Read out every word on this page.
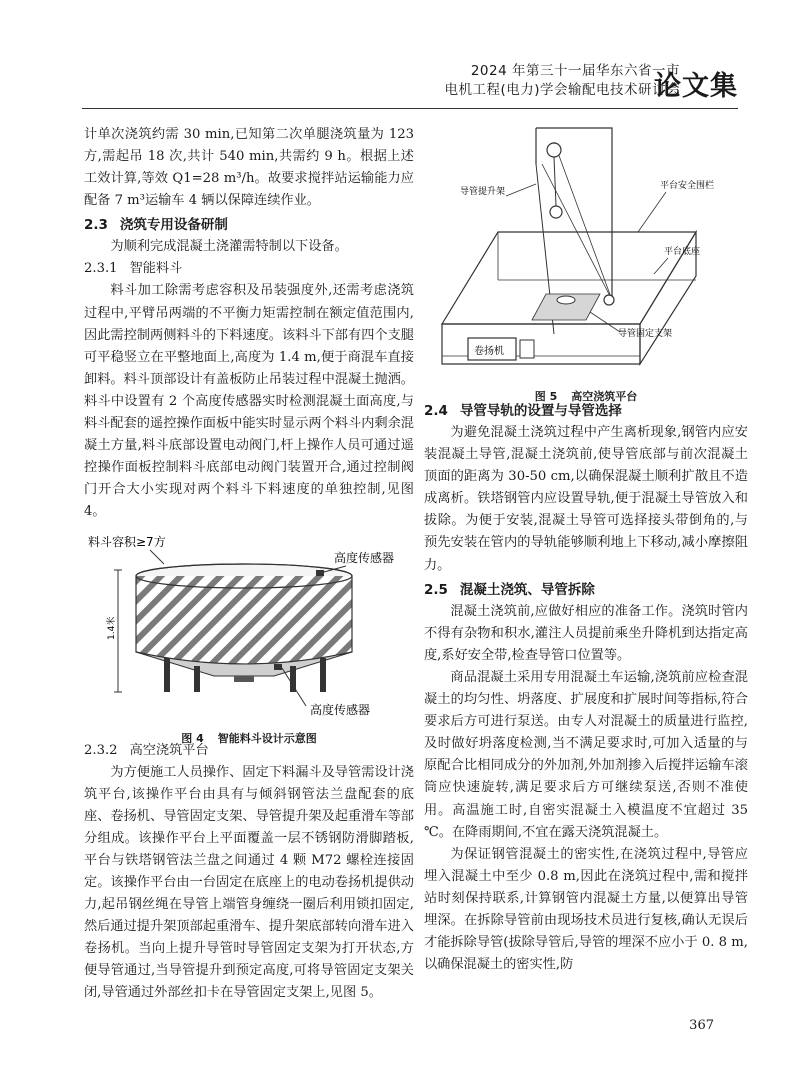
2024 年第三十一届华东六省一市
电机工程(电力)学会输配电技术研讨会
论文集

计单次浇筑约需 30 min,已知第二次单腿浇筑量为 123 方,需起吊 18 次,共计 540 min,共需约 9 h。根据上述工效计算,等效 Q1=28 m³/h。故要求搅拌站运输能力应配备 7 m³运输车 4 辆以保障连续作业。

2.3 浇筑专用设备研制

为顺利完成混凝土浇灌需特制以下设备。

2.3.1 智能料斗

料斗加工除需考虑容积及吊装强度外,还需考虑浇筑过程中,平臂吊两端的不平衡力矩需控制在额定值范围内,因此需控制两侧料斗的下料速度。该料斗下部有四个支腿可平稳竖立在平整地面上,高度为 1.4 m,便于商混车直接卸料。料斗顶部设计有盖板防止吊装过程中混凝土抛洒。料斗中设置有 2 个高度传感器实时检测混凝土面高度,与料斗配套的遥控操作面板中能实时显示两个料斗内剩余混凝土方量,料斗底部设置电动阀门,杆上操作人员可通过遥控操作面板控制料斗底部电动阀门装置开合,通过控制阀门开合大小实现对两个料斗下料速度的单独控制,见图 4。

料斗容积≥7方
1.4米
高度传感器
高度传感器
图 4 智能料斗设计示意图
2.3.2 高空浇筑平台

为方便施工人员操作、固定下料漏斗及导管需设计浇筑平台,该操作平台由具有与倾斜钢管法兰盘配套的底座、卷扬机、导管固定支架、导管提升架及起重滑车等部分组成。该操作平台上平面覆盖一层不锈钢防滑脚踏板,平台与铁塔钢管法兰盘之间通过 4 颗 M72 螺栓连接固定。该操作平台由一台固定在底座上的电动卷扬机提供动力,起吊钢丝绳在导管上端管身缠绕一圈后利用锁扣固定,然后通过提升架顶部起重滑车、提升架底部转向滑车进入卷扬机。当向上提升导管时导管固定支架为打开状态,方便导管通过,当导管提升到预定高度,可将导管固定支架关闭,导管通过外部丝扣卡在导管固定支架上,见图 5。

导管提升架
卷扬机
平台安全围栏
平台底座
导管固定支架
图 5 高空浇筑平台
2.4 导管导轨的设置与导管选择

为避免混凝土浇筑过程中产生离析现象,钢管内应安装混凝土导管,混凝土浇筑前,使导管底部与前次混凝土顶面的距离为 30-50 cm,以确保混凝土顺利扩散且不造成离析。铁塔钢管内应设置导轨,便于混凝土导管放入和拔除。为便于安装,混凝土导管可选择接头带倒角的,与预先安装在管内的导轨能够顺利地上下移动,减小摩擦阻力。

2.5 混凝土浇筑、导管拆除

混凝土浇筑前,应做好相应的准备工作。浇筑时管内不得有杂物和积水,灌注人员提前乘坐升降机到达指定高度,系好安全带,检查导管口位置等。

商品混凝土采用专用混凝土车运输,浇筑前应检查混凝土的均匀性、坍落度、扩展度和扩展时间等指标,符合要求后方可进行泵送。由专人对混凝土的质量进行监控,及时做好坍落度检测,当不满足要求时,可加入适量的与原配合比相同成分的外加剂,外加剂掺入后搅拌运输车滚筒应快速旋转,满足要求后方可继续泵送,否则不准使用。高温施工时,自密实混凝土入模温度不宜超过 35 ℃。在降雨期间,不宜在露天浇筑混凝土。

为保证钢管混凝土的密实性,在浇筑过程中,导管应埋入混凝土中至少 0.8 m,因此在浇筑过程中,需和搅拌站时刻保持联系,计算钢管内混凝土方量,以便算出导管埋深。在拆除导管前由现场技术员进行复核,确认无误后才能拆除导管(拔除导管后,导管的埋深不应小于 0. 8 m,以确保混凝土的密实性,防

367
